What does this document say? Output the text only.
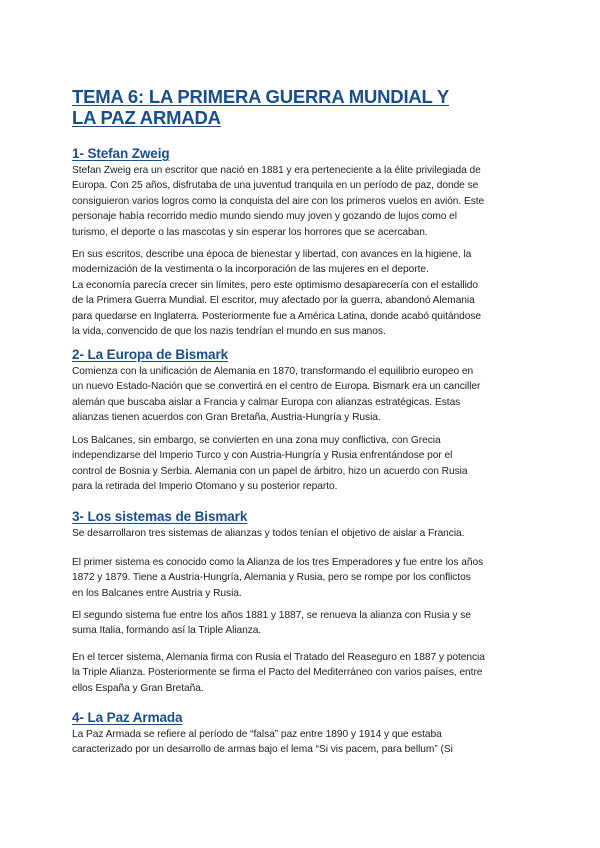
TEMA 6: LA PRIMERA GUERRA MUNDIAL Y
LA PAZ ARMADA
1- Stefan Zweig
Stefan Zweig era un escritor que nació en 1881 y era perteneciente a la élite privilegiada de
Europa. Con 25 años, disfrutaba de una juventud tranquila en un período de paz, donde se
consiguieron varios logros como la conquista del aire con los primeros vuelos en avión. Este
personaje había recorrido medio mundo siendo muy joven y gozando de lujos como el
turismo, el deporte o las mascotas y sin esperar los horrores que se acercaban.
En sus escritos, describe una época de bienestar y libertad, con avances en la higiene, la
modernización de la vestimenta o la incorporación de las mujeres en el deporte.
La economía parecía crecer sin límites, pero este optimismo desaparecería con el estallido
de la Primera Guerra Mundial. El escritor, muy afectado por la guerra, abandonó Alemania
para quedarse en Inglaterra. Posteriormente fue a América Latina, donde acabó quitándose
la vida, convencido de que los nazis tendrían el mundo en sus manos.
2- La Europa de Bismark
Comienza con la unificación de Alemania en 1870, transformando el equilibrio europeo en
un nuevo Estado-Nación que se convertirá en el centro de Europa. Bismark era un canciller
alemán que buscaba aislar a Francia y calmar Europa con alianzas estratégicas. Estas
alianzas tienen acuerdos con Gran Bretaña, Austria-Hungría y Rusia.
Los Balcanes, sin embargo, se convierten en una zona muy conflictiva, con Grecia
independizarse del Imperio Turco y con Austria-Hungría y Rusia enfrentándose por el
control de Bosnia y Serbia. Alemania con un papel de árbitro, hizo un acuerdo con Rusia
para la retirada del Imperio Otomano y su posterior reparto.
3- Los sistemas de Bismark
Se desarrollaron tres sistemas de alianzas y todos tenían el objetivo de aislar a Francia.
El primer sistema es conocido como la Alianza de los tres Emperadores y fue entre los años
1872 y 1879. Tiene a Austria-Hungría, Alemania y Rusia, pero se rompe por los conflictos
en los Balcanes entre Austria y Rusia.
El segundo sistema fue entre los años 1881 y 1887, se renueva la alianza con Rusia y se
suma Italia, formando así la Triple Alianza.
En el tercer sistema, Alemania firma con Rusia el Tratado del Reaseguro en 1887 y potencia
la Triple Alianza. Posteriormente se firma el Pacto del Mediterráneo con varios países, entre
ellos España y Gran Bretaña.
4- La Paz Armada
La Paz Armada se refiere al período de “falsa” paz entre 1890 y 1914 y que estaba
caracterizado por un desarrollo de armas bajo el lema “Si vis pacem, para bellum” (Si
